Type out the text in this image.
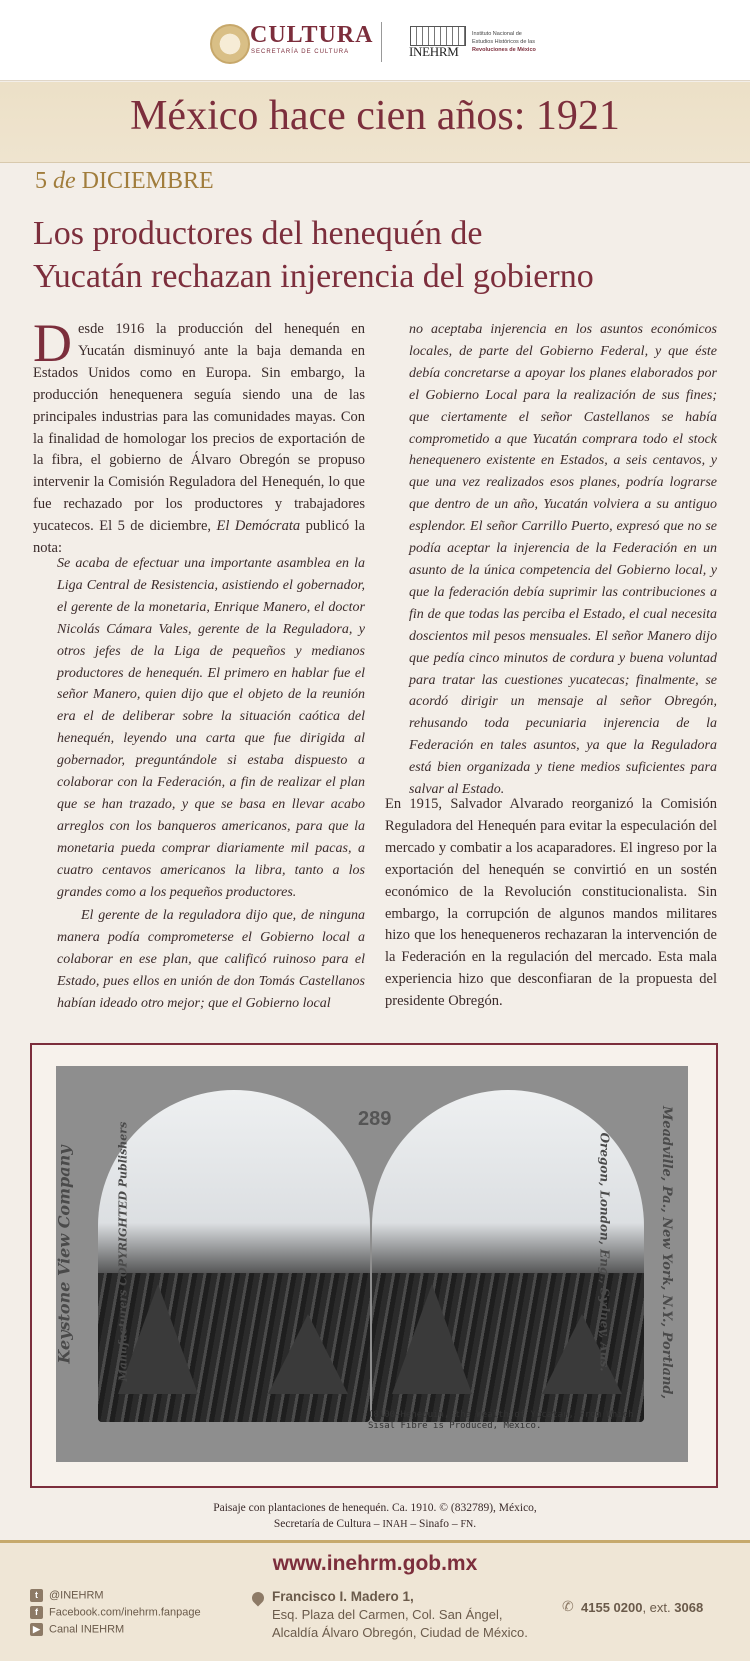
CULTURA
SECRETARÍA DE CULTURA	INEHRM
Instituto Nacional de
Estudios Históricos de las
Revoluciones de México
México hace cien años: 1921
5 de DICIEMBRE
Los productores del henequén de
Yucatán rechazan injerencia del gobierno

Desde 1916 la producción del henequén en Yucatán disminuyó ante la baja demanda en Estados Unidos como en Europa. Sin embargo, la producción henequenera seguía siendo una de las principales industrias para las comunidades mayas. Con la finalidad de homologar los precios de exportación de la fibra, el gobierno de Álvaro Obregón se propuso intervenir la Comisión Reguladora del Henequén, lo que fue rechazado por los productores y trabajadores yucatecos. El 5 de diciembre, El Demócrata publicó la nota:

Se acaba de efectuar una importante asamblea en la Liga Central de Resistencia, asistiendo el gobernador, el gerente de la monetaria, Enrique Manero, el doctor Nicolás Cámara Vales, gerente de la Reguladora, y otros jefes de la Liga de pequeños y medianos productores de henequén. El primero en hablar fue el señor Manero, quien dijo que el objeto de la reunión era el de deliberar sobre la situación caótica del henequén, leyendo una carta que fue dirigida al gobernador, preguntándole si estaba dispuesto a colaborar con la Federación, a fin de realizar el plan que se han trazado, y que se basa en llevar acabo arreglos con los banqueros americanos, para que la monetaria pueda comprar diariamente mil pacas, a cuatro centavos americanos la libra, tanto a los grandes como a los pequeños productores.

El gerente de la reguladora dijo que, de ninguna manera podía comprometerse el Gobierno local a colaborar en ese plan, que calificó ruinoso para el Estado, pues ellos en unión de don Tomás Castellanos habían ideado otro mejor; que el Gobierno local

no aceptaba injerencia en los asuntos económicos locales, de parte del Gobierno Federal, y que éste debía concretarse a apoyar los planes elaborados por el Gobierno Local para la realización de sus fines; que ciertamente el señor Castellanos se había comprometido a que Yucatán comprara todo el stock henequenero existente en Estados, a seis centavos, y que una vez realizados esos planes, podría lograrse que dentro de un año, Yucatán volviera a su antiguo esplendor. El señor Carrillo Puerto, expresó que no se podía aceptar la injerencia de la Federación en un asunto de la única competencia del Gobierno local, y que la federación debía suprimir las contribuciones a fin de que todas las perciba el Estado, el cual necesita doscientos mil pesos mensuales. El señor Manero dijo que pedía cinco minutos de cordura y buena voluntad para tratar las cuestiones yucatecas; finalmente, se acordó dirigir un mensaje al señor Obregón, rehusando toda pecuniaria injerencia de la Federación en tales asuntos, ya que la Reguladora está bien organizada y tiene medios suficientes para salvar al Estado.

En 1915, Salvador Alvarado reorganizó la Comisión Reguladora del Henequén para evitar la especulación del mercado y combatir a los acaparadores. El ingreso por la exportación del henequén se convirtió en un sostén económico de la Revolución constitucionalista. Sin embargo, la corrupción de algunos mandos militares hizo que los henequeneros rechazaran la intervención de la Federación en la regulación del mercado. Esta mala experiencia hizo que desconfiaran de la propuesta del presidente Obregón.

289
Keystone View Company	Manufacturers COPYRIGHTED Publishers	Meadville, Pa., New York, N.Y., Portland,
Oregon, London, Eng., Sydney, Aus.
(8100—Henequin, the Wealth of Yucatan, From Which
Sisal Fibre is Produced, Mexico.
Paisaje con plantaciones de henequén. Ca. 1910. © (832789), México,
Secretaría de Cultura – INAH – Sinafo – FN.
www.inehrm.gob.mx
t @INEHRM
f Facebook.com/inehrm.fanpage
▶ Canal INEHRM
Francisco I. Madero 1,
Esq. Plaza del Carmen, Col. San Ángel,
Alcaldía Álvaro Obregón, Ciudad de México.
✆ 4155 0200, ext. 3068
